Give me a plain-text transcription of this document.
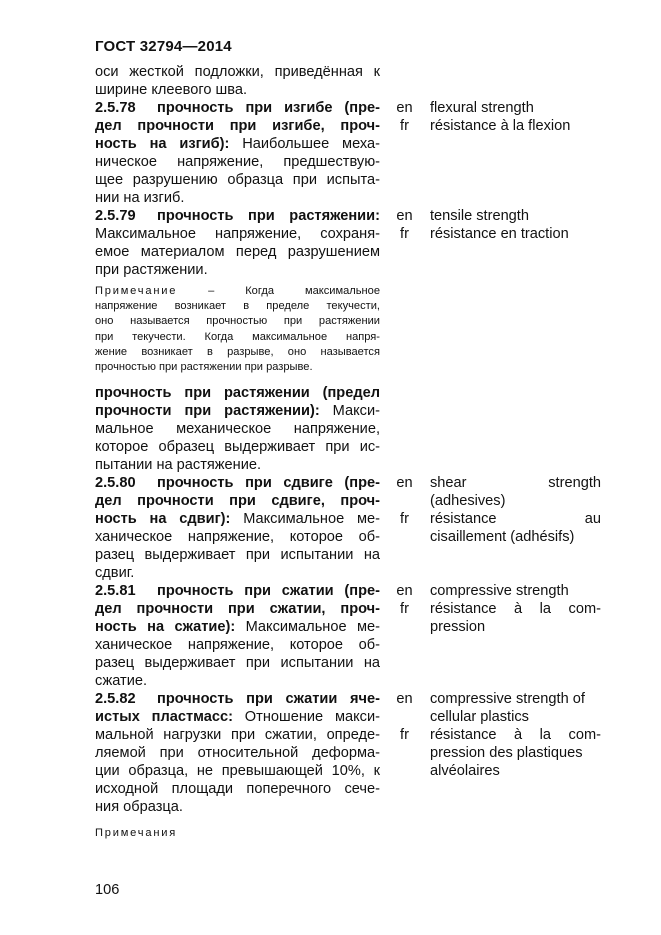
ГОСТ 32794—2014
оси жесткой подложки, приведённая к
ширине клеевого шва.
2.5.78 прочность при изгибе (пре-
дел прочности при изгибе, проч-
ность на изгиб): Наибольшее меха-
ническое напряжение, предшествую-
щее разрушению образца при испыта-
нии на изгиб.
en
fr
flexural strength
résistance à la flexion
2.5.79 прочность при растяжении:
Максимальное напряжение, сохраня-
емое материалом перед разрушением
при растяжении.
en
fr
tensile strength
résistance en traction
Примечание	– Когда максимальное
напряжение возникает в пределе текучести,
оно называется прочностью при растяжении
при текучести. Когда максимальное напря-
жение возникает в разрыве, оно называется
прочностью при растяжении при разрыве.
прочность при растяжении (предел
прочности при растяжении): Макси-
мальное механическое напряжение,
которое образец выдерживает при ис-
пытании на растяжение.
2.5.80 прочность при сдвиге (пре-
дел прочности при сдвиге, проч-
ность на сдвиг): Максимальное ме-
ханическое напряжение, которое об-
разец выдерживает при испытании на
сдвиг.
en
fr
shear strength
(adhesives)
résistance au
cisaillement (adhésifs)
2.5.81 прочность при сжатии (пре-
дел прочности при сжатии, проч-
ность на сжатие): Максимальное ме-
ханическое напряжение, которое об-
разец выдерживает при испытании на
сжатие.
en
fr
compressive strength
résistance à la com-
pression
2.5.82 прочность при сжатии яче-
истых пластмасс: Отношение макси-
мальной нагрузки при сжатии, опреде-
ляемой при относительной деформа-
ции образца, не превышающей 10%, к
исходной площади поперечного сече-
ния образца.
en
fr
compressive strength of
cellular plastics
résistance à la com-
pression des plastiques
alvéolaires
Примечания
106
